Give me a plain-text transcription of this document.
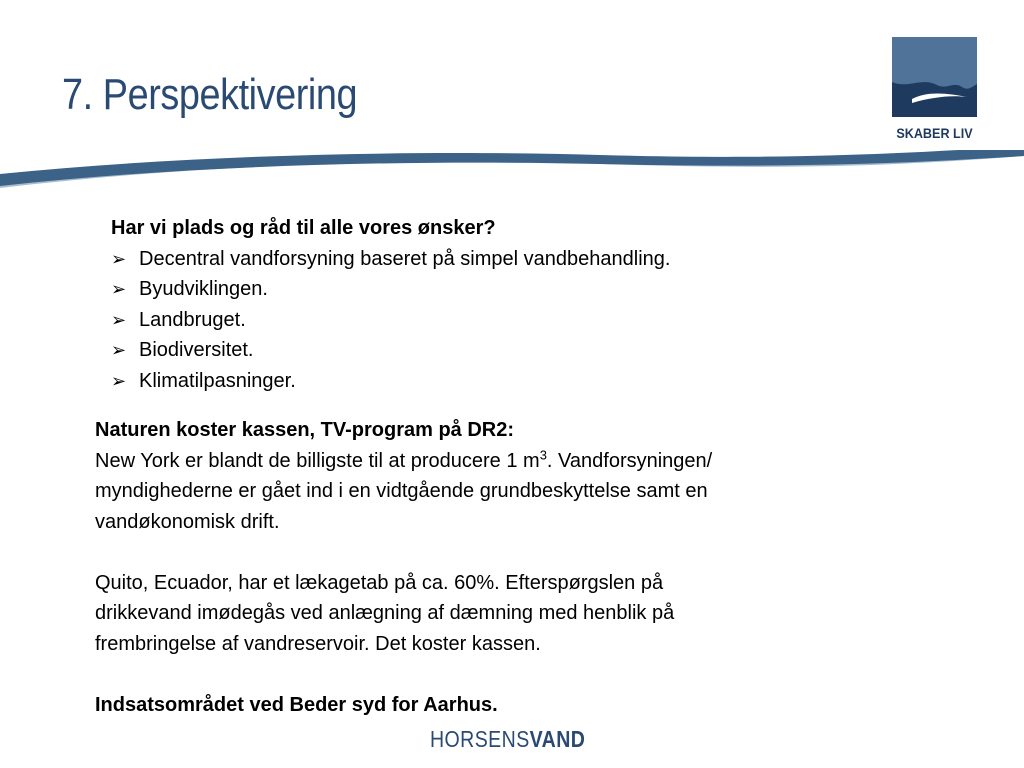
7. Perspektivering
SKABER LIV
Har vi plads og råd til alle vores ønsker?
➢ Decentral vandforsyning baseret på simpel vandbehandling.
➢ Byudviklingen.
➢ Landbruget.
➢ Biodiversitet.
➢ Klimatilpasninger.
Naturen koster kassen, TV-program på DR2:
New York er blandt de billigste til at producere 1 $m^3$. Vandforsyningen/
myndighederne er gået ind i en vidtgående grundbeskyttelse samt en
vandøkonomisk drift.
Quito, Ecuador, har et lækagetab på ca. 60%. Efterspørgslen på
drikkevand imødegås ved anlægning af dæmning med henblik på
frembringelse af vandreservoir. Det koster kassen.
Indsatsområdet ved Beder syd for Aarhus.
HORSENSVAND
